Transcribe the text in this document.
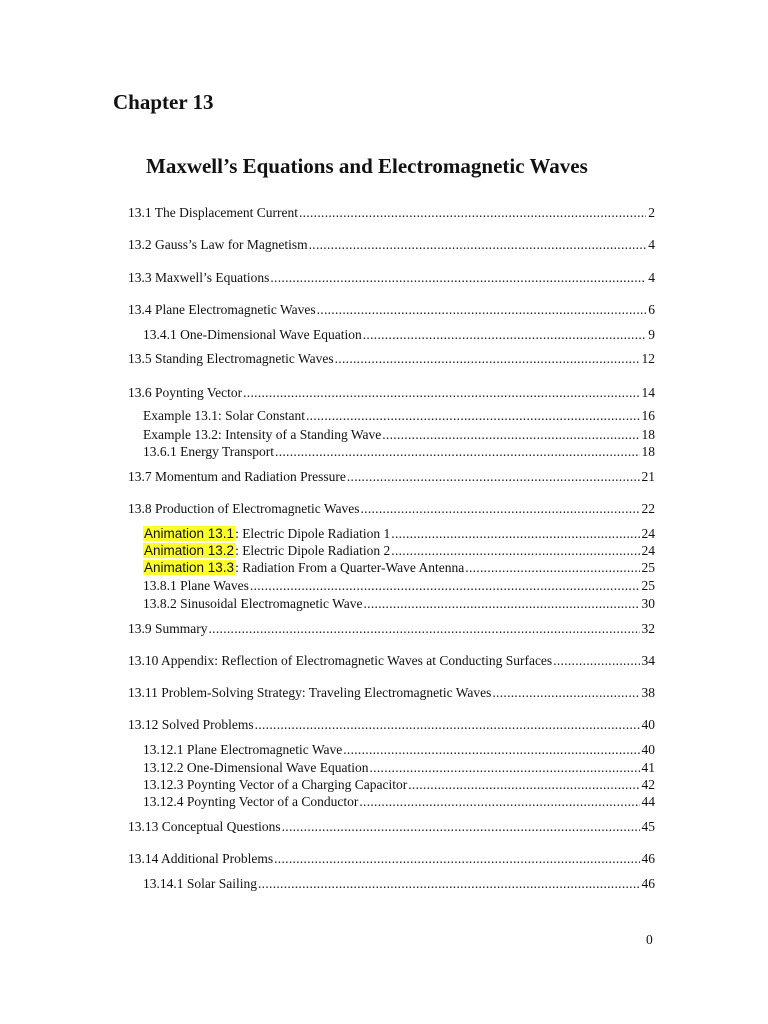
Chapter 13
Maxwell’s Equations and Electromagnetic Waves
13.1 The Displacement Current .....	2
13.2 Gauss’s Law for Magnetism .....	4
13.3 Maxwell’s Equations .....	4
13.4 Plane Electromagnetic Waves .....	6
13.4.1 One-Dimensional Wave Equation .....	9
13.5 Standing Electromagnetic Waves .....	12
13.6 Poynting Vector .....	14
Example 13.1: Solar Constant .....	16
Example 13.2: Intensity of a Standing Wave .....	18
13.6.1 Energy Transport .....	18
13.7 Momentum and Radiation Pressure .....	21
13.8 Production of Electromagnetic Waves .....	22
Animation 13.1: Electric Dipole Radiation 1 .....	24
Animation 13.2: Electric Dipole Radiation 2 .....	24
Animation 13.3: Radiation From a Quarter-Wave Antenna .....	25
13.8.1 Plane Waves .....	25
13.8.2 Sinusoidal Electromagnetic Wave .....	30
13.9 Summary .....	32
13.10 Appendix: Reflection of Electromagnetic Waves at Conducting Surfaces .....	34
13.11 Problem-Solving Strategy: Traveling Electromagnetic Waves .....	38
13.12 Solved Problems .....	40
13.12.1 Plane Electromagnetic Wave .....	40
13.12.2 One-Dimensional Wave Equation .....	41
13.12.3 Poynting Vector of a Charging Capacitor .....	42
13.12.4 Poynting Vector of a Conductor .....	44
13.13 Conceptual Questions .....	45
13.14 Additional Problems .....	46
13.14.1 Solar Sailing .....	46
0
